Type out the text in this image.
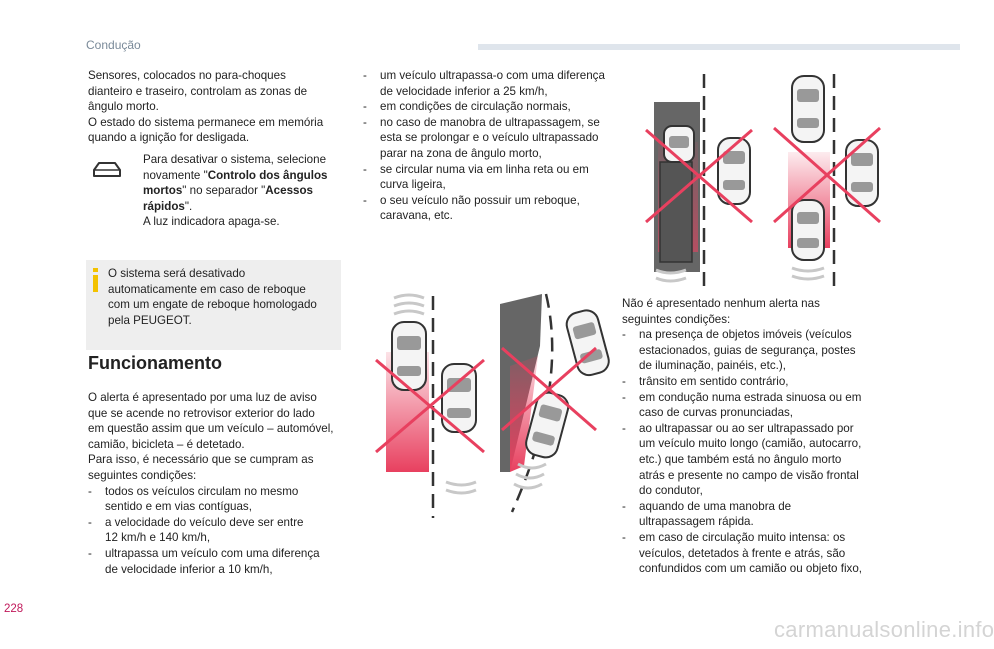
Condução

Sensores, colocados no para-choques

dianteiro e traseiro, controlam as zonas de

ângulo morto.

O estado do sistema permanece em memória

quando a ignição for desligada.

Para desativar o sistema, selecione

novamente "Controlo dos ângulos

mortos" no separador "Acessos

rápidos".

A luz indicadora apaga-se.

O sistema será desativado

automaticamente em caso de reboque

com um engate de reboque homologado

pela PEUGEOT.

Funcionamento

O alerta é apresentado por uma luz de aviso

que se acende no retrovisor exterior do lado

em questão assim que um veículo – automóvel,

camião, bicicleta – é detetado.

Para isso, é necessário que se cumpram as

seguintes condições:

- todos os veículos circulam no mesmo

sentido e em vias contíguas,

- a velocidade do veículo deve ser entre

12 km/h e 140 km/h,

- ultrapassa um veículo com uma diferença

de velocidade inferior a 10 km/h,

- um veículo ultrapassa-o com uma diferença

de velocidade inferior a 25 km/h,

- em condições de circulação normais,

- no caso de manobra de ultrapassagem, se

esta se prolongar e o veículo ultrapassado

parar na zona de ângulo morto,

- se circular numa via em linha reta ou em

curva ligeira,

- o seu veículo não possuir um reboque,

caravana, etc.

Não é apresentado nenhum alerta nas

seguintes condições:

- na presença de objetos imóveis (veículos

estacionados, guias de segurança, postes

de iluminação, painéis, etc.),

- trânsito em sentido contrário,

- em condução numa estrada sinuosa ou em

caso de curvas pronunciadas,

- ao ultrapassar ou ao ser ultrapassado por

um veículo muito longo (camião, autocarro,

etc.) que também está no ângulo morto

atrás e presente no campo de visão frontal

do condutor,

- aquando de uma manobra de

ultrapassagem rápida.

- em caso de circulação muito intensa: os

veículos, detetados à frente e atrás, são

confundidos com um camião ou objeto fixo,

228
carmanualsonline.info
